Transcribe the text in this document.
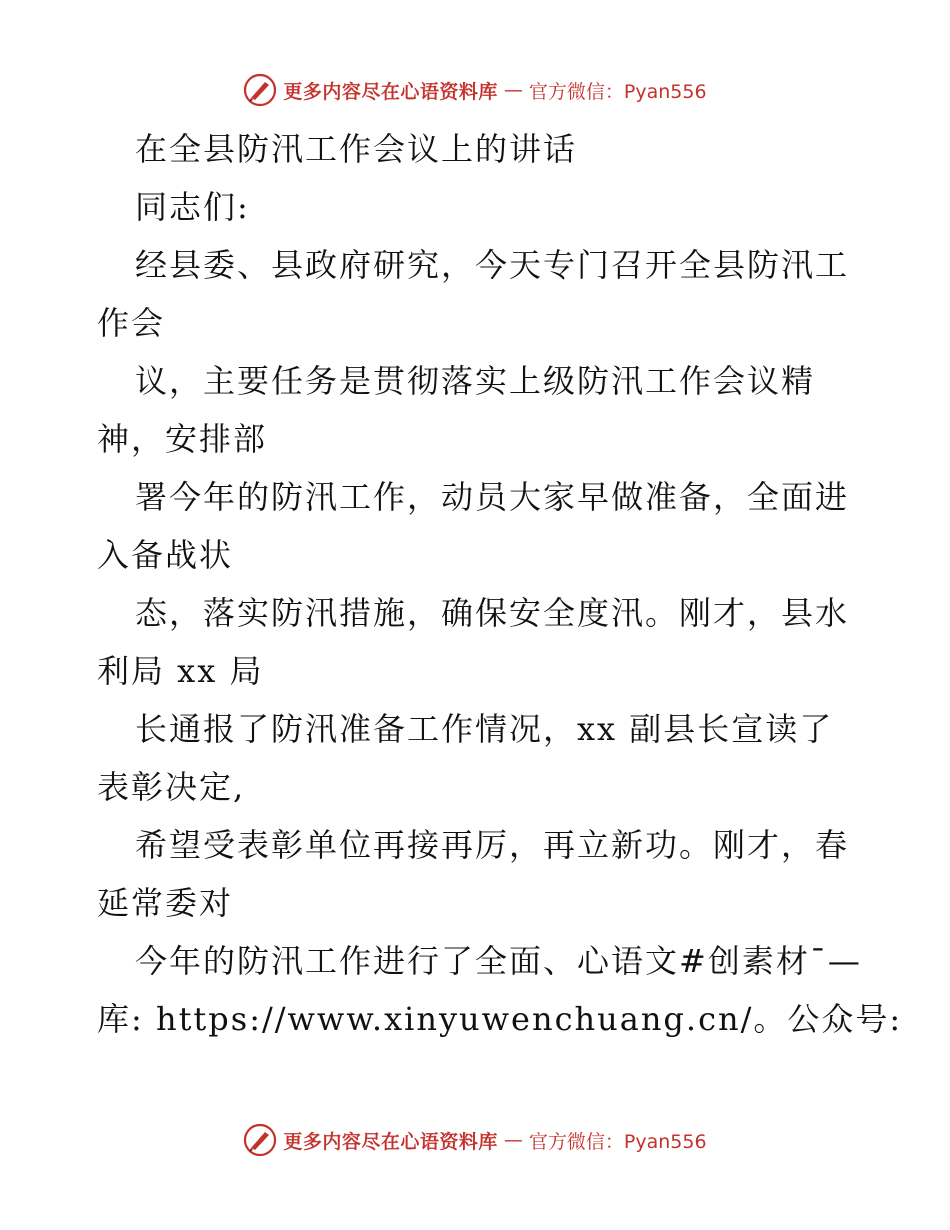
更多内容尽在心语资料库 — 官方微信：Pyan556
在全县防汛工作会议上的讲话
同志们:
经县委、县政府研究，今天专门召开全县防汛工
作会
议，主要任务是贯彻落实上级防汛工作会议精
神，安排部
署今年的防汛工作，动员大家早做准备，全面进
入备战状
态，落实防汛措施，确保安全度汛。刚才，县水
利局 xx 局
长通报了防汛准备工作情况，xx 副县长宣读了
表彰决定,
希望受表彰单位再接再厉，再立新功。刚才，春
延常委对
今年的防汛工作进行了全面、心语文#创素材¯—
库: https://www.xinyuwenchuang.cn/。公众号:
更多内容尽在心语资料库 — 官方微信：Pyan556
